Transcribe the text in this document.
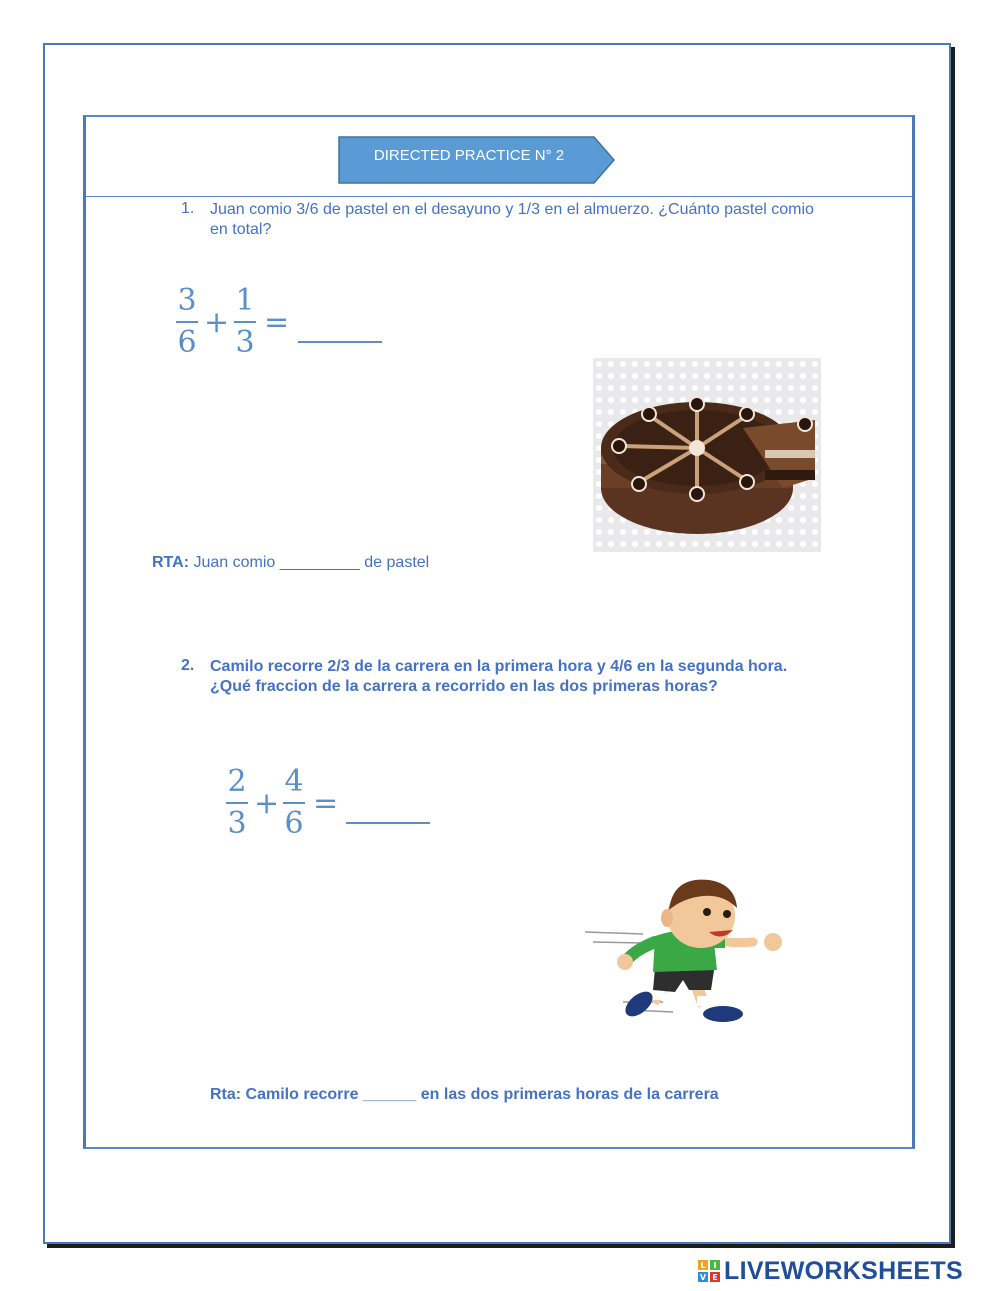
DIRECTED PRACTICE N° 2
1. Juan comio 3/6 de pastel en el desayuno y 1/3 en el almuerzo. ¿Cuánto pastel comio
en total?
3
6
+
1
3
=
RTA: Juan comio _________ de pastel
2. Camilo recorre 2/3 de la carrera en la primera hora y 4/6 en la segunda hora.
¿Qué fraccion de la carrera a recorrido en las dos primeras horas?
2
3
+
4
6
=
Rta: Camilo recorre ______ en las dos primeras horas de la carrera
L I
V E LIVEWORKSHEETS
